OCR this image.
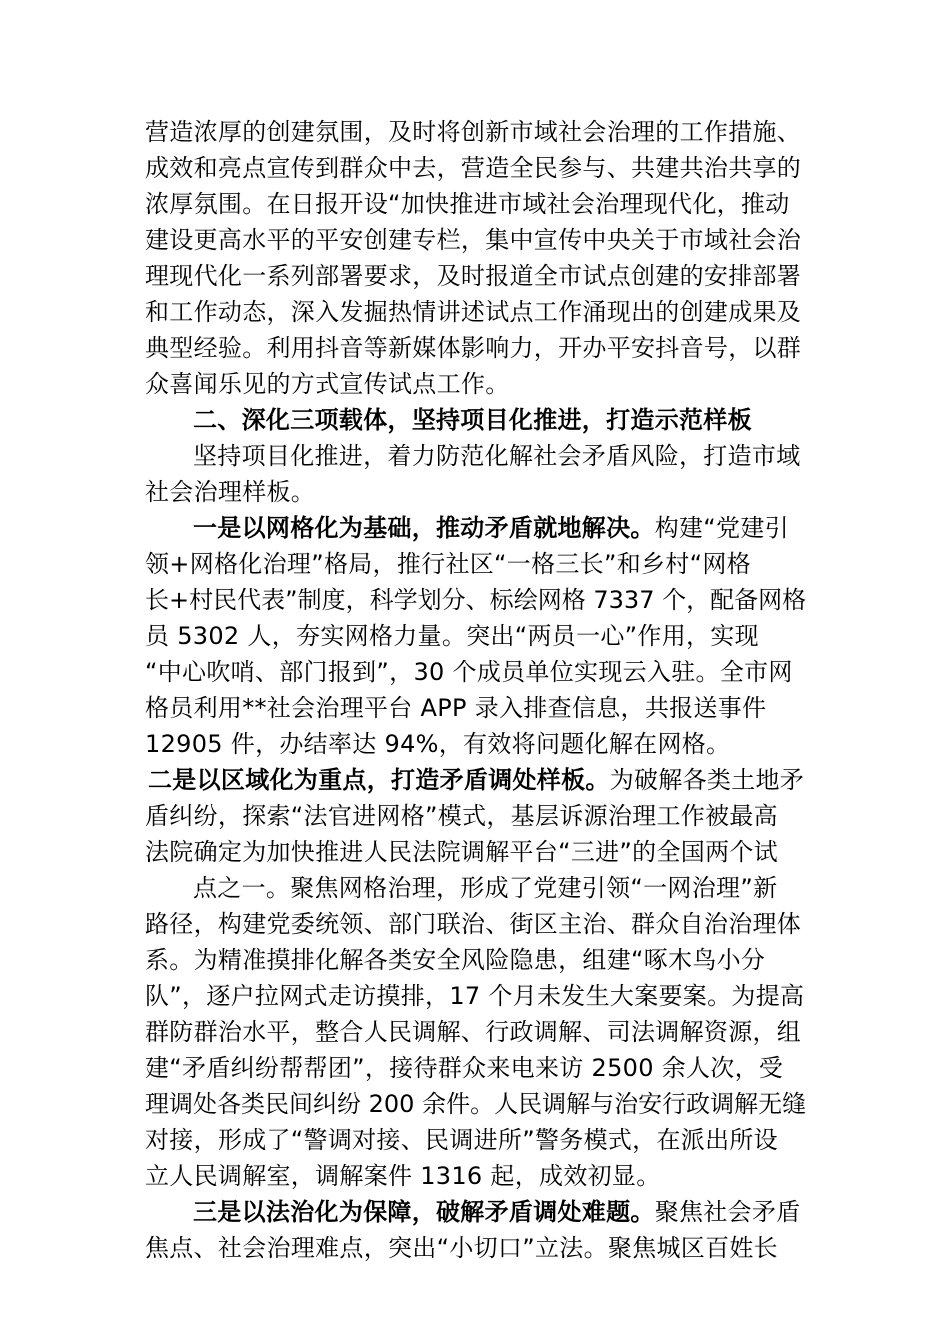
营造浓厚的创建氛围，及时将创新市域社会治理的工作措施、
成效和亮点宣传到群众中去，营造全民参与、共建共治共享的
浓厚氛围。在日报开设“加快推进市域社会治理现代化，推动
建设更高水平的平安创建专栏，集中宣传中央关于市域社会治
理现代化一系列部署要求，及时报道全市试点创建的安排部署
和工作动态，深入发掘热情讲述试点工作涌现出的创建成果及
典型经验。利用抖音等新媒体影响力，开办平安抖音号，以群
众喜闻乐见的方式宣传试点工作。
二、深化三项载体，坚持项目化推进，打造示范样板
坚持项目化推进，着力防范化解社会矛盾风险，打造市域
社会治理样板。
一是以网格化为基础，推动矛盾就地解决。构建“党建引
领+网格化治理”格局，推行社区“一格三长”和乡村“网格
长+村民代表”制度，科学划分、标绘网格 7337 个，配备网格
员 5302 人，夯实网格力量。突出“两员一心”作用，实现
“中心吹哨、部门报到”，30 个成员单位实现云入驻。全市网
格员利用**社会治理平台 APP 录入排查信息，共报送事件
12905 件，办结率达 94%，有效将问题化解在网格。
二是以区域化为重点，打造矛盾调处样板。为破解各类土地矛
盾纠纷，探索“法官进网格”模式，基层诉源治理工作被最高
法院确定为加快推进人民法院调解平台“三进”的全国两个试
点之一。聚焦网格治理，形成了党建引领“一网治理”新
路径，构建党委统领、部门联治、街区主治、群众自治治理体
系。为精准摸排化解各类安全风险隐患，组建“啄木鸟小分
队”，逐户拉网式走访摸排，17 个月未发生大案要案。为提高
群防群治水平，整合人民调解、行政调解、司法调解资源，组
建“矛盾纠纷帮帮团”，接待群众来电来访 2500 余人次，受
理调处各类民间纠纷 200 余件。人民调解与治安行政调解无缝
对接，形成了“警调对接、民调进所”警务模式，在派出所设
立人民调解室，调解案件 1316 起，成效初显。
三是以法治化为保障，破解矛盾调处难题。聚焦社会矛盾
焦点、社会治理难点，突出“小切口”立法。聚焦城区百姓长
